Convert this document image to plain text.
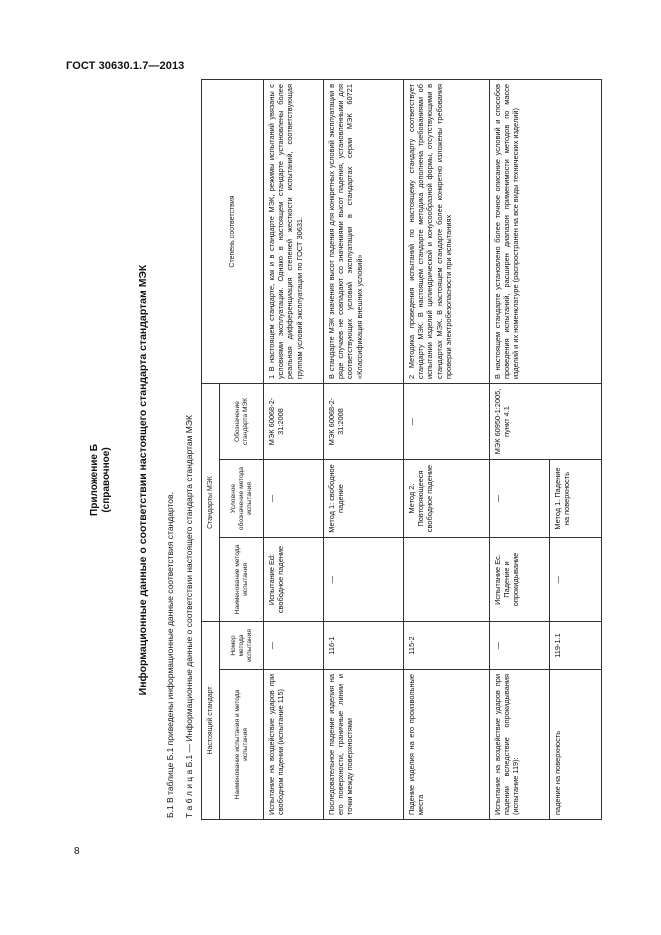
ГОСТ 30630.1.7—2013
8
Приложение Б (справочное) Информационные данные о соответствии настоящего стандарта стандартам МЭК Б.1 В таблице Б.1 приведены информационные данные соответствия стандартов. Т а б л и ц а Б.1 — Информационные данные о соответствии настоящего стандарта стандартам МЭК Настоящий стандарт		Стандарты МЭК			Степень соответствия
Наименование испытания и метода испытания	Номер метода испытания	Наименование метода испытания	Условное обозначение метода испытания	Обозначение стандарта МЭК	
Испытание на воздействие ударов при свободном падении (испытание 115)	—	Испытание Ed: свободное падение	—	МЭК 60068-2-31:2008	1 В настоящем стандарте, как и в стандарте МЭК, режимы испытаний увязаны с условиями эксплуатации. Однако в настоящем стандарте установлены более реальная дифференциация степеней жесткости испытаний, соответствующая группам условий эксплуатации по ГОСТ 30631.
Последовательное падение изделия на его поверхности, граничные линии и точки между поверхностями	116-1	—	Метод 1: свободное падение	МЭК 60068-2-31:2008	В стандарте МЭК значения высот падения для конкретных условий эксплуатации в ряде случаев не совпадают со значениями высот падения, установленными для соответствующих условий эксплуатации в стандартах серии МЭК 60721 «Классификация внешних условий»
Падение изделия на его произвольные места	115-2		Метод 2. Повторяющееся свободное падение	—	2 Методика проведения испытаний по настоящему стандарту соответствует стандарту МЭК. В настоящем стандарте методика дополнена требованиями об испытании изделий цилиндрической и конусообразной формы, отсутствующими в стандартах МЭК. В настоящем стандарте более конкретно изложены требования проверки электробезопасности при испытаниях
Испытание на воздействие ударов при падении вследствие опрокидывания (испытание 119):	—	Испытание Ec. Падение и опрокидывание	—	МЭК 60950-1:2005, пункт 4.1	В настоящем стандарте установлено более точное описание условий и способов проведения испытаний, расширен диапазон применимости методов по массе изделий и их номенклатуре (распространен на все виды технических изделий)
падение на поверхность	119-1.1	—	Метод 1. Падение на поверхность		
